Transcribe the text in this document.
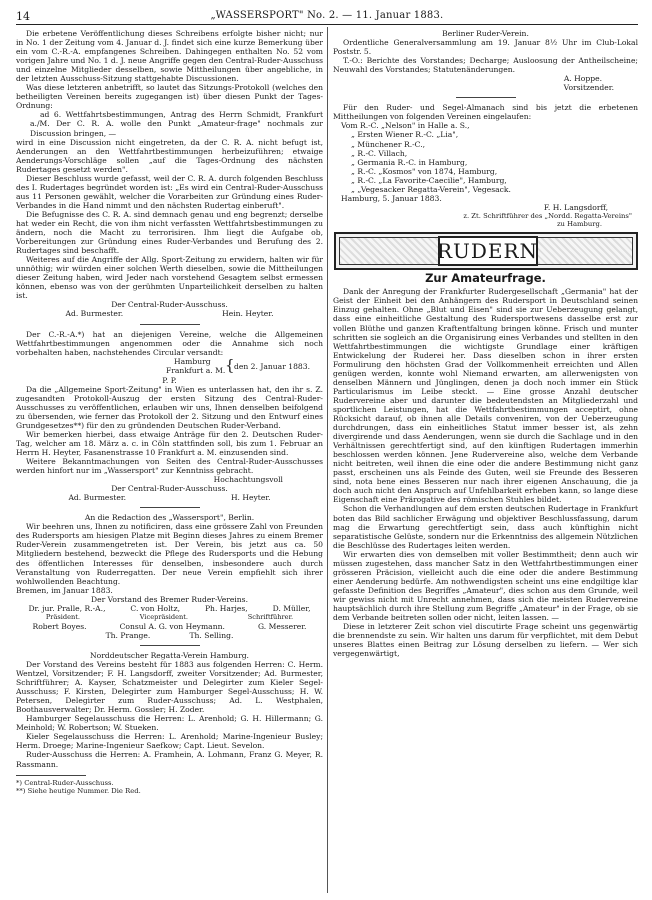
14	„WASSERSPORT" No. 2. — 11. Januar 1883.

Die erbetene Veröffentlichung dieses Schreibens erfolgte bisher nicht; nur in No. 1 der Zeitung vom 4. Januar d. J. findet sich eine kurze Bemerkung über ein vom C.-R.-A. empfangenes Schreiben. Dahingegen enthalten No. 52 vom vorigen Jahre und No. 1 d. J. neue Angriffe gegen den Central-Ruder-Ausschuss und einzelne Mitglieder desselben, sowie Mittheilungen über angebliche, in der letzten Ausschuss-Sitzung stattgehabte Discussionen.

Was diese letzteren anbetrifft, so lautet das Sitzungs-Protokoll (welches den betheiligten Vereinen bereits zugegangen ist) über diesen Punkt der Tages-Ordnung:

ad 6. Wettfahrtsbestimmungen, Antrag des Herrn Schmidt, Frankfurt a./M. Der C. R. A. wolle den Punkt „Amateur-frage" nochmals zur Discussion bringen, —

wird in eine Discussion nicht eingetreten, da der C. R. A. nicht befugt ist, Aenderungen an den Wettfahrtbestimmungen herbeizuführen; etwaige Aenderungs-Vorschläge sollen „auf die Tages-Ordnung des nächsten Rudertages gesetzt werden".

Dieser Beschluss wurde gefasst, weil der C. R. A. durch folgenden Beschluss des I. Rudertages begründet worden ist: „Es wird ein Central-Ruder-Ausschuss aus 11 Personen gewählt, welcher die Vorarbeiten zur Gründung eines Ruder-Verbandes in die Hand nimmt und den nächsten Rudertag einberuft".

Die Befugnisse des C. R. A. sind demnach genau und eng begrenzt; derselbe hat weder ein Recht, die von ihm nicht verfassten Wettfahrtsbestimmungen zu ändern, noch die Macht zu terrorisiren. Ihm liegt die Aufgabe ob, Vorbereitungen zur Gründung eines Ruder-Verbandes und Berufung des 2. Rudertages sind beschafft.

Weiteres auf die Angriffe der Allg. Sport-Zeitung zu erwidern, halten wir für unnöthig; wir würden einer solchen Werth dieselben, sowie die Mittheilungen dieser Zeitung haben, wird Jeder nach vorstehend Gesagtem selbst ermessen können, ebenso was von der gerühmten Unparteilichkeit derselben zu halten ist.

Der Central-Ruder-Ausschuss.

Ad. Burmester.	Hein. Heyter.

Der C.-R.-A.*) hat an diejenigen Vereine, welche die Allgemeinen Wettfahrtbestimmungen angenommen oder die Annahme sich noch vorbehalten haben, nachstehendes Circular versandt:

Hamburg
Frankfurt a. M. { den 2. Januar 1883.

P. P.

Da die „Allgemeine Sport-Zeitung" in Wien es unterlassen hat, den ihr s. Z. zugesandten Protokoll-Auszug der ersten Sitzung des Central-Ruder-Ausschusses zu veröffentlichen, erlauben wir uns, Ihnen denselben beifolgend zu übersenden, wie ferner das Protokoll der 2. Sitzung und den Entwurf eines Grundgesetzes**) für den zu gründenden Deutschen Ruder-Verband.

Wir bemerken hierbei, dass etwaige Anträge für den 2. Deutschen Ruder-Tag, welcher am 18. März a. c. in Cöln stattfinden soll, bis zum 1. Februar an Herrn H. Heyter, Fasanenstrasse 10 Frankfurt a. M. einzusenden sind.

Weitere Bekanntmachungen von Seiten des Central-Ruder-Ausschusses werden hinfort nur im „Wassersport" zur Kenntniss gebracht.

Hochachtungsvoll

Der Central-Ruder-Ausschuss.

Ad. Burmester.	H. Heyter.

An die Redaction des „Wassersport", Berlin.

Wir beehren uns, Ihnen zu notificiren, dass eine grössere Zahl von Freunden des Rudersports am hiesigen Platze mit Beginn dieses Jahres zu einem Bremer Ruder-Verein zusammengetreten ist. Der Verein, bis jetzt aus ca. 50 Mitgliedern bestehend, bezweckt die Pflege des Rudersports und die Hebung des öffentlichen Interesses für denselben, insbesondere auch durch Veranstaltung von Ruderregatten. Der neue Verein empfiehlt sich ihrer wohlwollenden Beachtung.

Bremen, im Januar 1883.

Der Vorstand des Bremer Ruder-Vereins.

Dr. jur. Pralle, R.-A.,	C. von Holtz,	Ph. Harjes,	D. Müller,
Präsident.	Vicepräsident.	Schriftführer.
Robert Boyes.	Consul A. G. von Heymann.	G. Messerer.
Th. Prange.	Th. Selling.

Norddeutscher Regatta-Verein Hamburg.

Der Vorstand des Vereins besteht für 1883 aus folgenden Herren: C. Herm. Wentzel, Vorsitzender; F. H. Langsdorff, zweiter Vorsitzender; Ad. Burmester, Schriftführer; A. Kayser, Schatzmeister und Delegirter zum Kieler Segel-Ausschuss; F. Kirsten, Delegirter zum Hamburger Segel-Ausschuss; H. W. Petersen, Delegirter zum Ruder-Ausschuss; Ad. L. Westphalen, Boothausverwalter; Dr. Herm. Gossler; H. Zoder.

Hamburger Segelausschuss die Herren: L. Arenhold; G. H. Hillermann; G. Meinhold; W. Robertson; W. Stueken.

Kieler Segelausschuss die Herren: L. Arenhold; Marine-Ingenieur Busley; Herm. Droege; Marine-Ingenieur Saefkow; Capt. Lieut. Sevelon.

Ruder-Ausschuss die Herren: A. Framhein, A. Lohmann, Franz G. Meyer, R. Rassmann.

*) Central-Ruder-Ausschuss.

**) Siehe heutige Nummer. Die Red.

Berliner Ruder-Verein.

Ordentliche Generalversammlung am 19. Januar 8½ Uhr im Club-Lokal Poststr. 5.

T.-O.: Berichte des Vorstandes; Decharge; Ausloosung der Antheilscheine; Neuwahl des Vorstandes; Statutenänderungen.

A. Hoppe.

Vorsitzender.

Für den Ruder- und Segel-Almanach sind bis jetzt die erbetenen Mittheilungen von folgenden Vereinen eingelaufen:

Vom R.-C. „Nelson" in Halle a. S.,

„ Ersten Wiener R.-C. „Lia",

„ Münchener R.-C.,

„ R.-C. Villach,

„ Germania R.-C. in Hamburg,

„ R.-C. „Kosmos" von 1874, Hamburg,

„ R.-C. „La Favorite-Caecilie", Hamburg,

„ „Vegesacker Regatta-Verein", Vegesack.

Hamburg, 5. Januar 1883.

F. H. Langsdorff,

z. Zt. Schriftführer des „Nordd. Regatta-Vereins"

zu Hamburg.

RUDERN
Zur Amateurfrage.

Dank der Anregung der Frankfurter Rudergesellschaft „Germania" hat der Geist der Einheit bei den Anhängern des Rudersport in Deutschland seinen Einzug gehalten. Ohne „Blut und Eisen" sind sie zur Ueberzeugung gelangt, dass eine einheitliche Gestaltung des Rudersportwesens dasselbe erst zur vollen Blüthe und ganzen Kraftentfaltung bringen könne. Frisch und munter schritten sie sogleich an die Organisirung eines Verbandes und stellten in den Wettfahrtbestimmungen die wichtigste Grundlage einer kräftigen Entwickelung der Ruderei her. Dass dieselben schon in ihrer ersten Formulirung den höchsten Grad der Vollkommenheit erreichten und Allen genügen werden, konnte wohl Niemand erwarten, am allerwenigsten von denselben Männern und Jünglingen, denen ja doch noch immer ein Stück Particularismus im Leibe steckt. — Eine grosse Anzahl deutscher Rudervereine aber und darunter die bedeutendsten an Mitgliederzahl und sportlichen Leistungen, hat die Wettfahrtbestimmungen acceptirt, ohne Rücksicht darauf, ob ihnen alle Details conveniren, von der Ueberzeugung durchdrungen, dass ein einheitliches Statut immer besser ist, als zehn divergirende und dass Aenderungen, wenn sie durch die Sachlage und in den Verhältnissen gerechtfertigt sind, auf den künftigen Rudertagen immerhin beschlossen werden können. Jene Rudervereine also, welche dem Verbande nicht beitreten, weil ihnen die eine oder die andere Bestimmung nicht ganz passt, erscheinen uns als Feinde des Guten, weil sie Freunde des Besseren sind, nota bene eines Besseren nur nach ihrer eigenen Anschauung, die ja doch auch nicht den Anspruch auf Unfehlbarkeit erheben kann, so lange diese Eigenschaft eine Prärogative des römischen Stuhles bildet.

Schon die Verhandlungen auf dem ersten deutschen Rudertage in Frankfurt boten das Bild sachlicher Erwägung und objektiver Beschlussfassung, darum mag die Erwartung gerechtfertigt sein, dass auch künftighin nicht separatistische Gelüste, sondern nur die Erkenntniss des allgemein Nützlichen die Beschlüsse des Rudertages leiten werden.

Wir erwarten dies von demselben mit voller Bestimmtheit; denn auch wir müssen zugestehen, dass mancher Satz in den Wettfahrtbestimmungen einer grösseren Präcision, vielleicht auch die eine oder die andere Bestimmung einer Aenderung bedürfe. Am nothwendigsten scheint uns eine endgiltige klar gefasste Definition des Begriffes „Amateur", dies schon aus dem Grunde, weil wir gewiss nicht mit Unrecht annehmen, dass sich die meisten Rudervereine hauptsächlich durch ihre Stellung zum Begriffe „Amateur" in der Frage, ob sie dem Verbande beitreten sollen oder nicht, leiten lassen. —

Diese in letzterer Zeit schon viel discutirte Frage scheint uns gegenwärtig die brennendste zu sein. Wir halten uns darum für verpflichtet, mit dem Debut unseres Blattes einen Beitrag zur Lösung derselben zu liefern. — Wer sich vergegenwärtigt,
